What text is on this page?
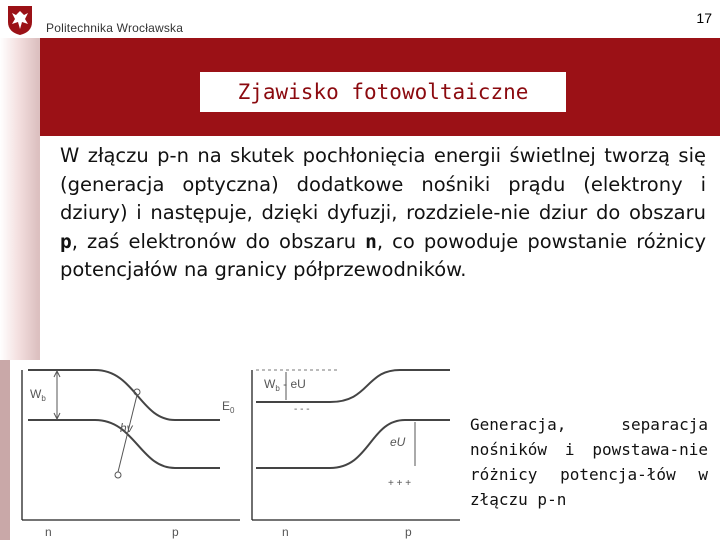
Politechnika Wrocławska
17
Zjawisko fotowoltaiczne

W złączu p-n na skutek pochłonięcia energii świetlnej tworzą się (generacja optyczna) dodatkowe nośniki prądu (elektrony i dziury) i następuje, dzięki dyfuzji, rozdziele-nie dziur do obszaru p, zaś elektronów do obszaru n, co powoduje powstanie różnicy potencjałów na granicy półprzewodników.

$W_b$
hv
n	p
$E_0$
$W_b$ - eU
- - -
eU
+ + +
n	p

Generacja, separacja nośników i powstawa-nie różnicy potencja-łów w złączu p-n
